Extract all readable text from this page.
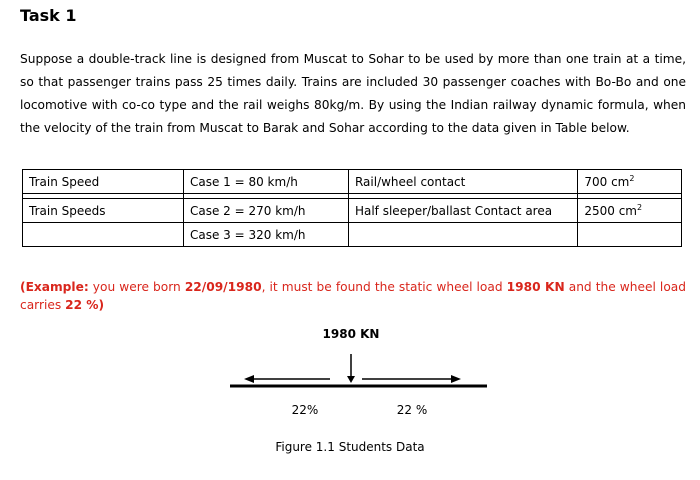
Task 1

Suppose a double-track line is designed from Muscat to Sohar to be used by more than one train at a time, so that passenger trains pass 25 times daily. Trains are included 30 passenger coaches with Bo-Bo and one locomotive with co-co type and the rail weighs 80kg/m. By using the Indian railway dynamic formula, when the velocity of the train from Muscat to Barak and Sohar according to the data given in Table below.

Train Speed	Case 1 = 80 km/h	Rail/wheel contact	700 $cm^2$

Train Speeds	Case 2 = 270 km/h	Half sleeper/ballast Contact area	2500 $cm^2$
	Case 3 = 320 km/h		

(Example: you were born 22/09/1980, it must be found the static wheel load 1980 KN and the wheel load carries 22 %)

1980 KN
22%	22 %
Figure 1.1 Students Data
